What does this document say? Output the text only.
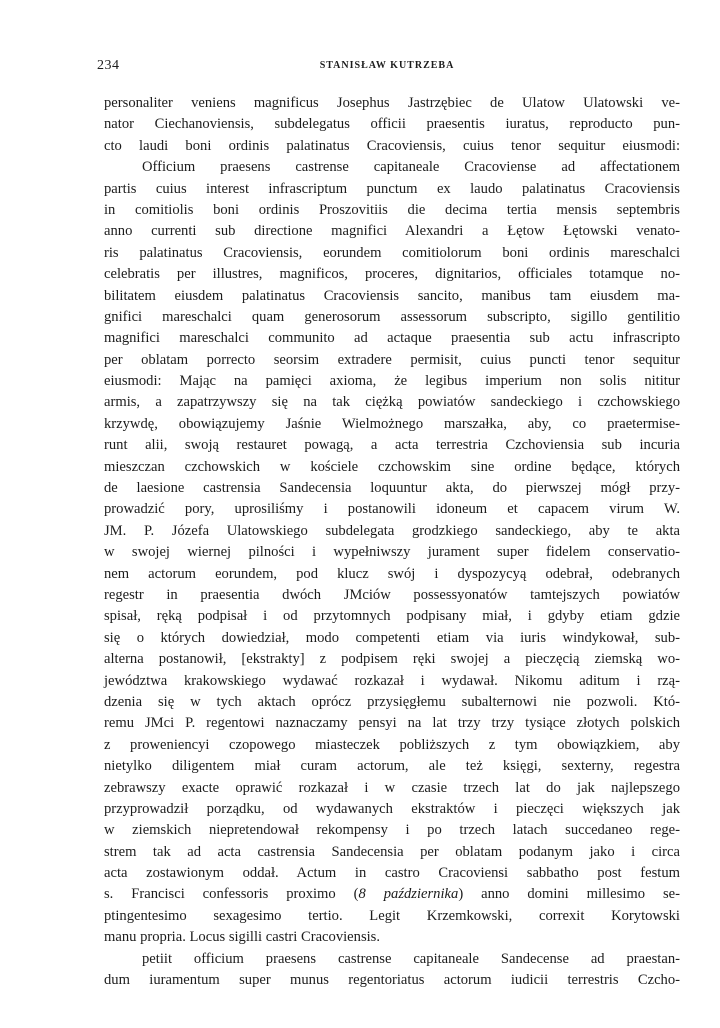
234	STANISŁAW KUTRZEBA
personaliter veniens magnificus Josephus Jastrzębiec de Ulatow Ulatowski ve-
nator Ciechanoviensis, subdelegatus officii praesentis iuratus, reproducto pun-
cto laudi boni ordinis palatinatus Cracoviensis, cuius tenor sequitur eiusmodi:
Officium praesens castrense capitaneale Cracoviense ad affectationem
partis cuius interest infrascriptum punctum ex laudo palatinatus Cracoviensis
in comitiolis boni ordinis Proszovitiis die decima tertia mensis septembris
anno currenti sub directione magnifici Alexandri a Łętow Łętowski venato-
ris palatinatus Cracoviensis, eorundem comitiolorum boni ordinis mareschalci
celebratis per illustres, magnificos, proceres, dignitarios, officiales totamque no-
bilitatem eiusdem palatinatus Cracoviensis sancito, manibus tam eiusdem ma-
gnifici mareschalci quam generosorum assessorum subscripto, sigillo gentilitio
magnifici mareschalci communito ad actaque praesentia sub actu infrascripto
per oblatam porrecto seorsim extradere permisit, cuius puncti tenor sequitur
eiusmodi: Mając na pamięci axioma, że legibus imperium non solis nititur
armis, a zapatrzywszy się na tak ciężką powiatów sandeckiego i czchowskiego
krzywdę, obowiązujemy Jaśnie Wielmożnego marszałka, aby, co praetermise-
runt alii, swoją restauret powagą, a acta terrestria Czchoviensia sub incuria
mieszczan czchowskich w kościele czchowskim sine ordine będące, których
de laesione castrensia Sandecensia loquuntur akta, do pierwszej mógł przy-
prowadzić pory, uprosiliśmy i postanowili idoneum et capacem virum W.
JM. P. Józefa Ulatowskiego subdelegata grodzkiego sandeckiego, aby te akta
w swojej wiernej pilności i wypełniwszy jurament super fidelem conservatio-
nem actorum eorundem, pod klucz swój i dyspozycyą odebrał, odebranych
regestr in praesentia dwóch JMciów possessyonatów tamtejszych powiatów
spisał, ręką podpisał i od przytomnych podpisany miał, i gdyby etiam gdzie
się o których dowiedział, modo competenti etiam via iuris windykował, sub-
alterna postanowił, [ekstrakty] z podpisem ręki swojej a pieczęcią ziemską wo-
jewództwa krakowskiego wydawać rozkazał i wydawał. Nikomu aditum i rzą-
dzenia się w tych aktach oprócz przysięgłemu subalternowi nie pozwoli. Któ-
remu JMci P. regentowi naznaczamy pensyi na lat trzy trzy tysiące złotych polskich
z proweniencyi czopowego miasteczek pobliższych z tym obowiązkiem, aby
nietylko diligentem miał curam actorum, ale też księgi, sexterny, regestra
zebrawszy exacte oprawić rozkazał i w czasie trzech lat do jak najlepszego
przyprowadził porządku, od wydawanych ekstraktów i pieczęci większych jak
w ziemskich niepretendował rekompensy i po trzech latach succedaneo rege-
strem tak ad acta castrensia Sandecensia per oblatam podanym jako i circa
acta zostawionym oddał. Actum in castro Cracoviensi sabbatho post festum
s. Francisci confessoris proximo (8 października) anno domini millesimo se-
ptingentesimo sexagesimo tertio. Legit Krzemkowski, correxit Korytowski
manu propria. Locus sigilli castri Cracoviensis.
petiit officium praesens castrense capitaneale Sandecense ad praestan-
dum iuramentum super munus regentoriatus actorum iudicii terrestris Czcho-
